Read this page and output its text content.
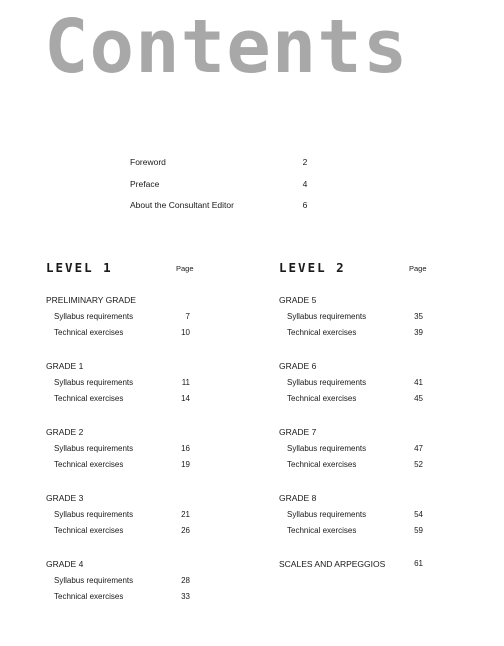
Contents
Foreword	2
Preface	4
About the Consultant Editor	6
LEVEL 1	Page
PRELIMINARY GRADE
Syllabus requirements	7
Technical exercises	10
GRADE 1
Syllabus requirements	11
Technical exercises	14
GRADE 2
Syllabus requirements	16
Technical exercises	19
GRADE 3
Syllabus requirements	21
Technical exercises	26
GRADE 4
Syllabus requirements	28
Technical exercises	33
LEVEL 2	Page
GRADE 5
Syllabus requirements	35
Technical exercises	39
GRADE 6
Syllabus requirements	41
Technical exercises	45
GRADE 7
Syllabus requirements	47
Technical exercises	52
GRADE 8
Syllabus requirements	54
Technical exercises	59
SCALES AND ARPEGGIOS	61
